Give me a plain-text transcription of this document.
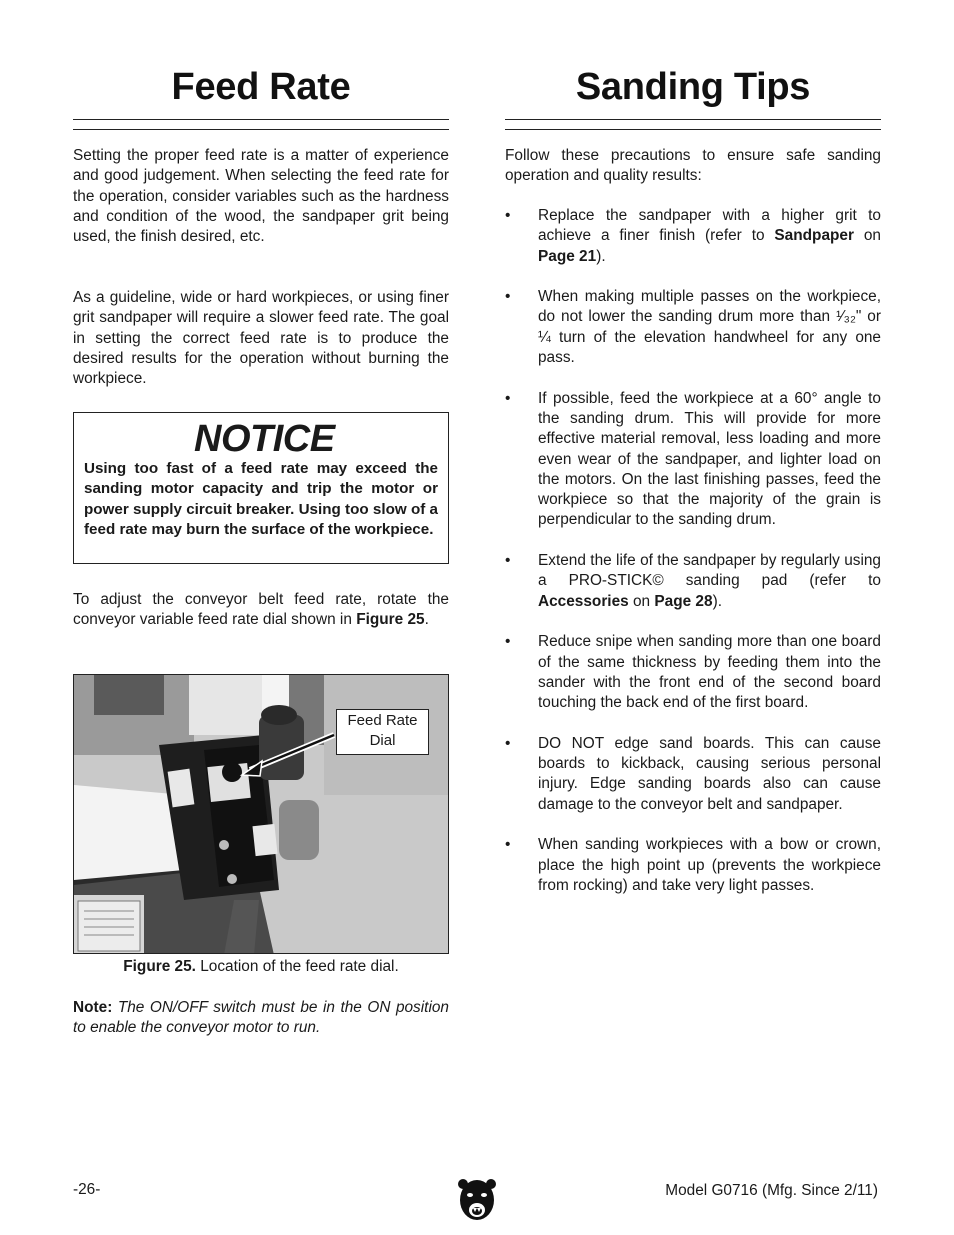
Feed Rate

Setting the proper feed rate is a matter of experience and good judgement. When selecting the feed rate for the operation, consider variables such as the hardness and condition of the wood, the sandpaper grit being used, the finish desired, etc.

As a guideline, wide or hard workpieces, or using finer grit sandpaper will require a slower feed rate. The goal in setting the correct feed rate is to produce the desired results for the operation without burning the workpiece.

NOTICE
Using too fast of a feed rate may exceed the sanding motor capacity and trip the motor or power supply circuit breaker. Using too slow of a feed rate may burn the surface of the workpiece.

To adjust the conveyor belt feed rate, rotate the conveyor variable feed rate dial shown in Figure 25.

Feed Rate
Dial
Figure 25. Location of the feed rate dial.

Note: The ON/OFF switch must be in the ON position to enable the conveyor motor to run.

Sanding Tips

Follow these precautions to ensure safe sanding operation and quality results:

• Replace the sandpaper with a higher grit to achieve a finer finish (refer to Sandpaper on Page 21).
• When making multiple passes on the workpiece, do not lower the sanding drum more than ¹⁄₃₂" or ¼ turn of the elevation handwheel for any one pass.
• If possible, feed the workpiece at a 60° angle to the sanding drum. This will provide for more effective material removal, less loading and more even wear of the sandpaper, and lighter load on the motors. On the last finishing passes, feed the workpiece so that the majority of the grain is perpendicular to the sanding drum.
• Extend the life of the sandpaper by regularly using a PRO-STICK© sanding pad (refer to Accessories on Page 28).
• Reduce snipe when sanding more than one board of the same thickness by feeding them into the sander with the front end of the second board touching the back end of the first board.
• DO NOT edge sand boards. This can cause boards to kickback, causing serious personal injury. Edge sanding boards also can cause damage to the conveyor belt and sandpaper.
• When sanding workpieces with a bow or crown, place the high point up (prevents the workpiece from rocking) and take very light passes.
-26-	Model G0716 (Mfg. Since 2/11)
